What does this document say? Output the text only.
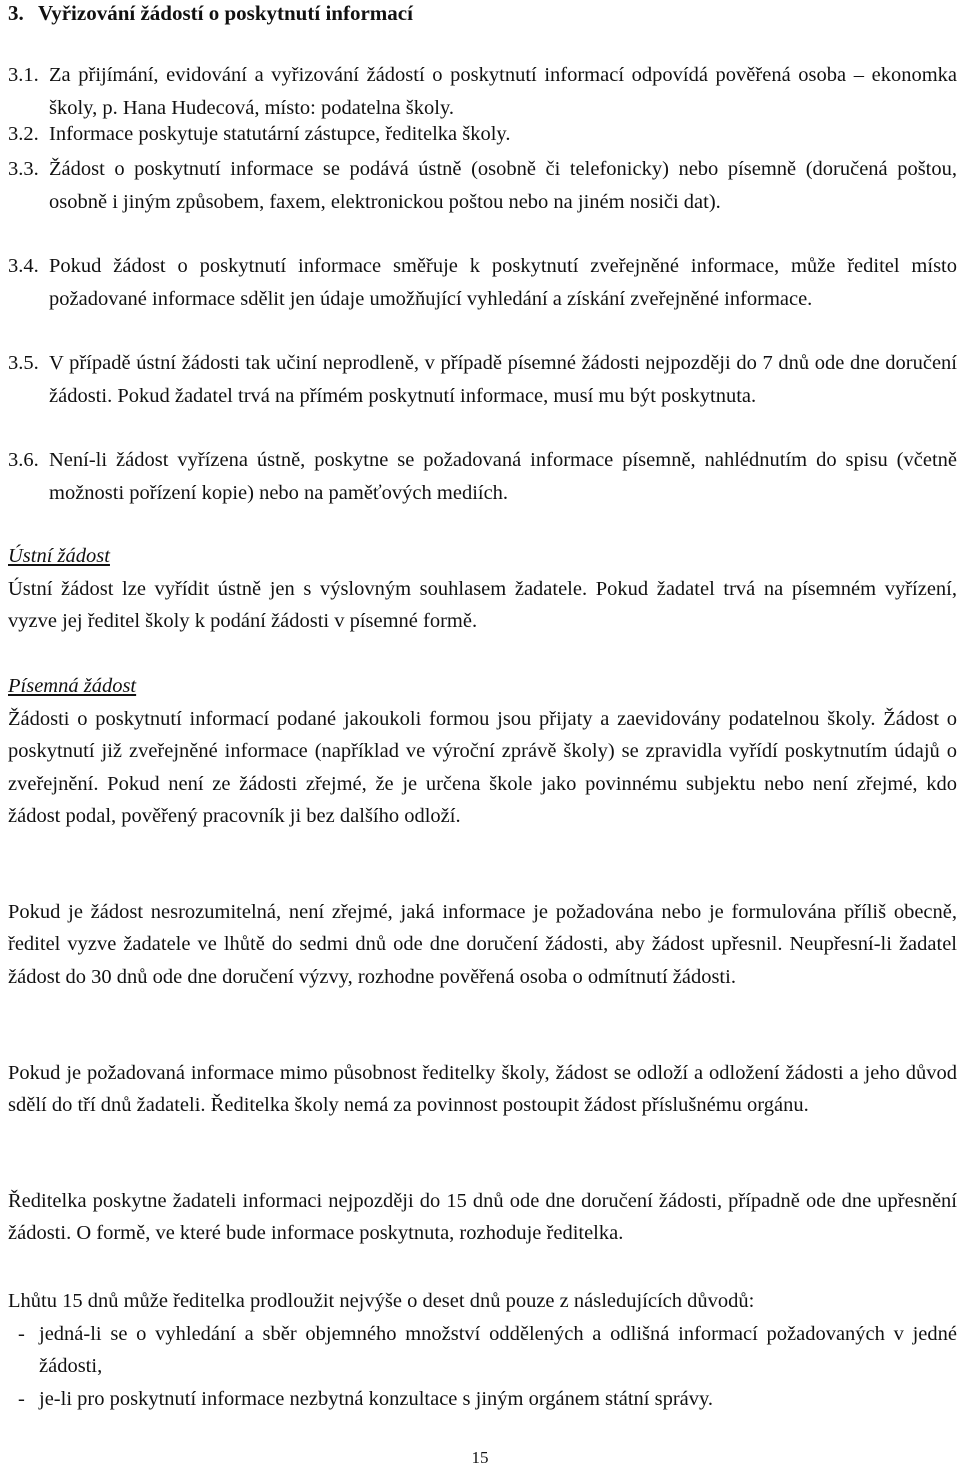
3. Vyřizování žádostí o poskytnutí informací
3.1. Za přijímání, evidování a vyřizování žádostí o poskytnutí informací odpovídá pověřená osoba – ekonomka školy, p. Hana Hudecová, místo: podatelna školy.
3.2. Informace poskytuje statutární zástupce, ředitelka školy.
3.3. Žádost o poskytnutí informace se podává ústně (osobně či telefonicky) nebo písemně (doručená poštou, osobně i jiným způsobem, faxem, elektronickou poštou nebo na jiném nosiči dat).
3.4. Pokud žádost o poskytnutí informace směřuje k poskytnutí zveřejněné informace, může ředitel místo požadované informace sdělit jen údaje umožňující vyhledání a získání zveřejněné informace.
3.5. V případě ústní žádosti tak učiní neprodleně, v případě písemné žádosti nejpozději do 7 dnů ode dne doručení žádosti. Pokud žadatel trvá na přímém poskytnutí informace, musí mu být poskytnuta.
3.6. Není-li žádost vyřízena ústně, poskytne se požadovaná informace písemně, nahlédnutím do spisu (včetně možnosti pořízení kopie) nebo na paměťových mediích.
Ústní žádost
Ústní žádost lze vyřídit ústně jen s výslovným souhlasem žadatele. Pokud žadatel trvá na písemném vyřízení, vyzve jej ředitel školy k podání žádosti v písemné formě.
Písemná žádost
Žádosti o poskytnutí informací podané jakoukoli formou jsou přijaty a zaevidovány podatelnou školy. Žádost o poskytnutí již zveřejněné informace (například ve výroční zprávě školy) se zpravidla vyřídí poskytnutím údajů o zveřejnění. Pokud není ze žádosti zřejmé, že je určena škole jako povinnému subjektu nebo není zřejmé, kdo žádost podal, pověřený pracovník ji bez dalšího odloží.
Pokud je žádost nesrozumitelná, není zřejmé, jaká informace je požadována nebo je formulována příliš obecně, ředitel vyzve žadatele ve lhůtě do sedmi dnů ode dne doručení žádosti, aby žádost upřesnil. Neupřesní-li žadatel žádost do 30 dnů ode dne doručení výzvy, rozhodne pověřená osoba o odmítnutí žádosti.
Pokud je požadovaná informace mimo působnost ředitelky školy, žádost se odloží a odložení žádosti a jeho důvod sdělí do tří dnů žadateli. Ředitelka školy nemá za povinnost postoupit žádost příslušnému orgánu.
Ředitelka poskytne žadateli informaci nejpozději do 15 dnů ode dne doručení žádosti, případně ode dne upřesnění žádosti. O formě, ve které bude informace poskytnuta, rozhoduje ředitelka.
Lhůtu 15 dnů může ředitelka prodloužit nejvýše o deset dnů pouze z následujících důvodů:
- jedná-li se o vyhledání a sběr objemného množství oddělených a odlišná informací požadovaných v jedné žádosti,
- je-li pro poskytnutí informace nezbytná konzultace s jiným orgánem státní správy.
15
